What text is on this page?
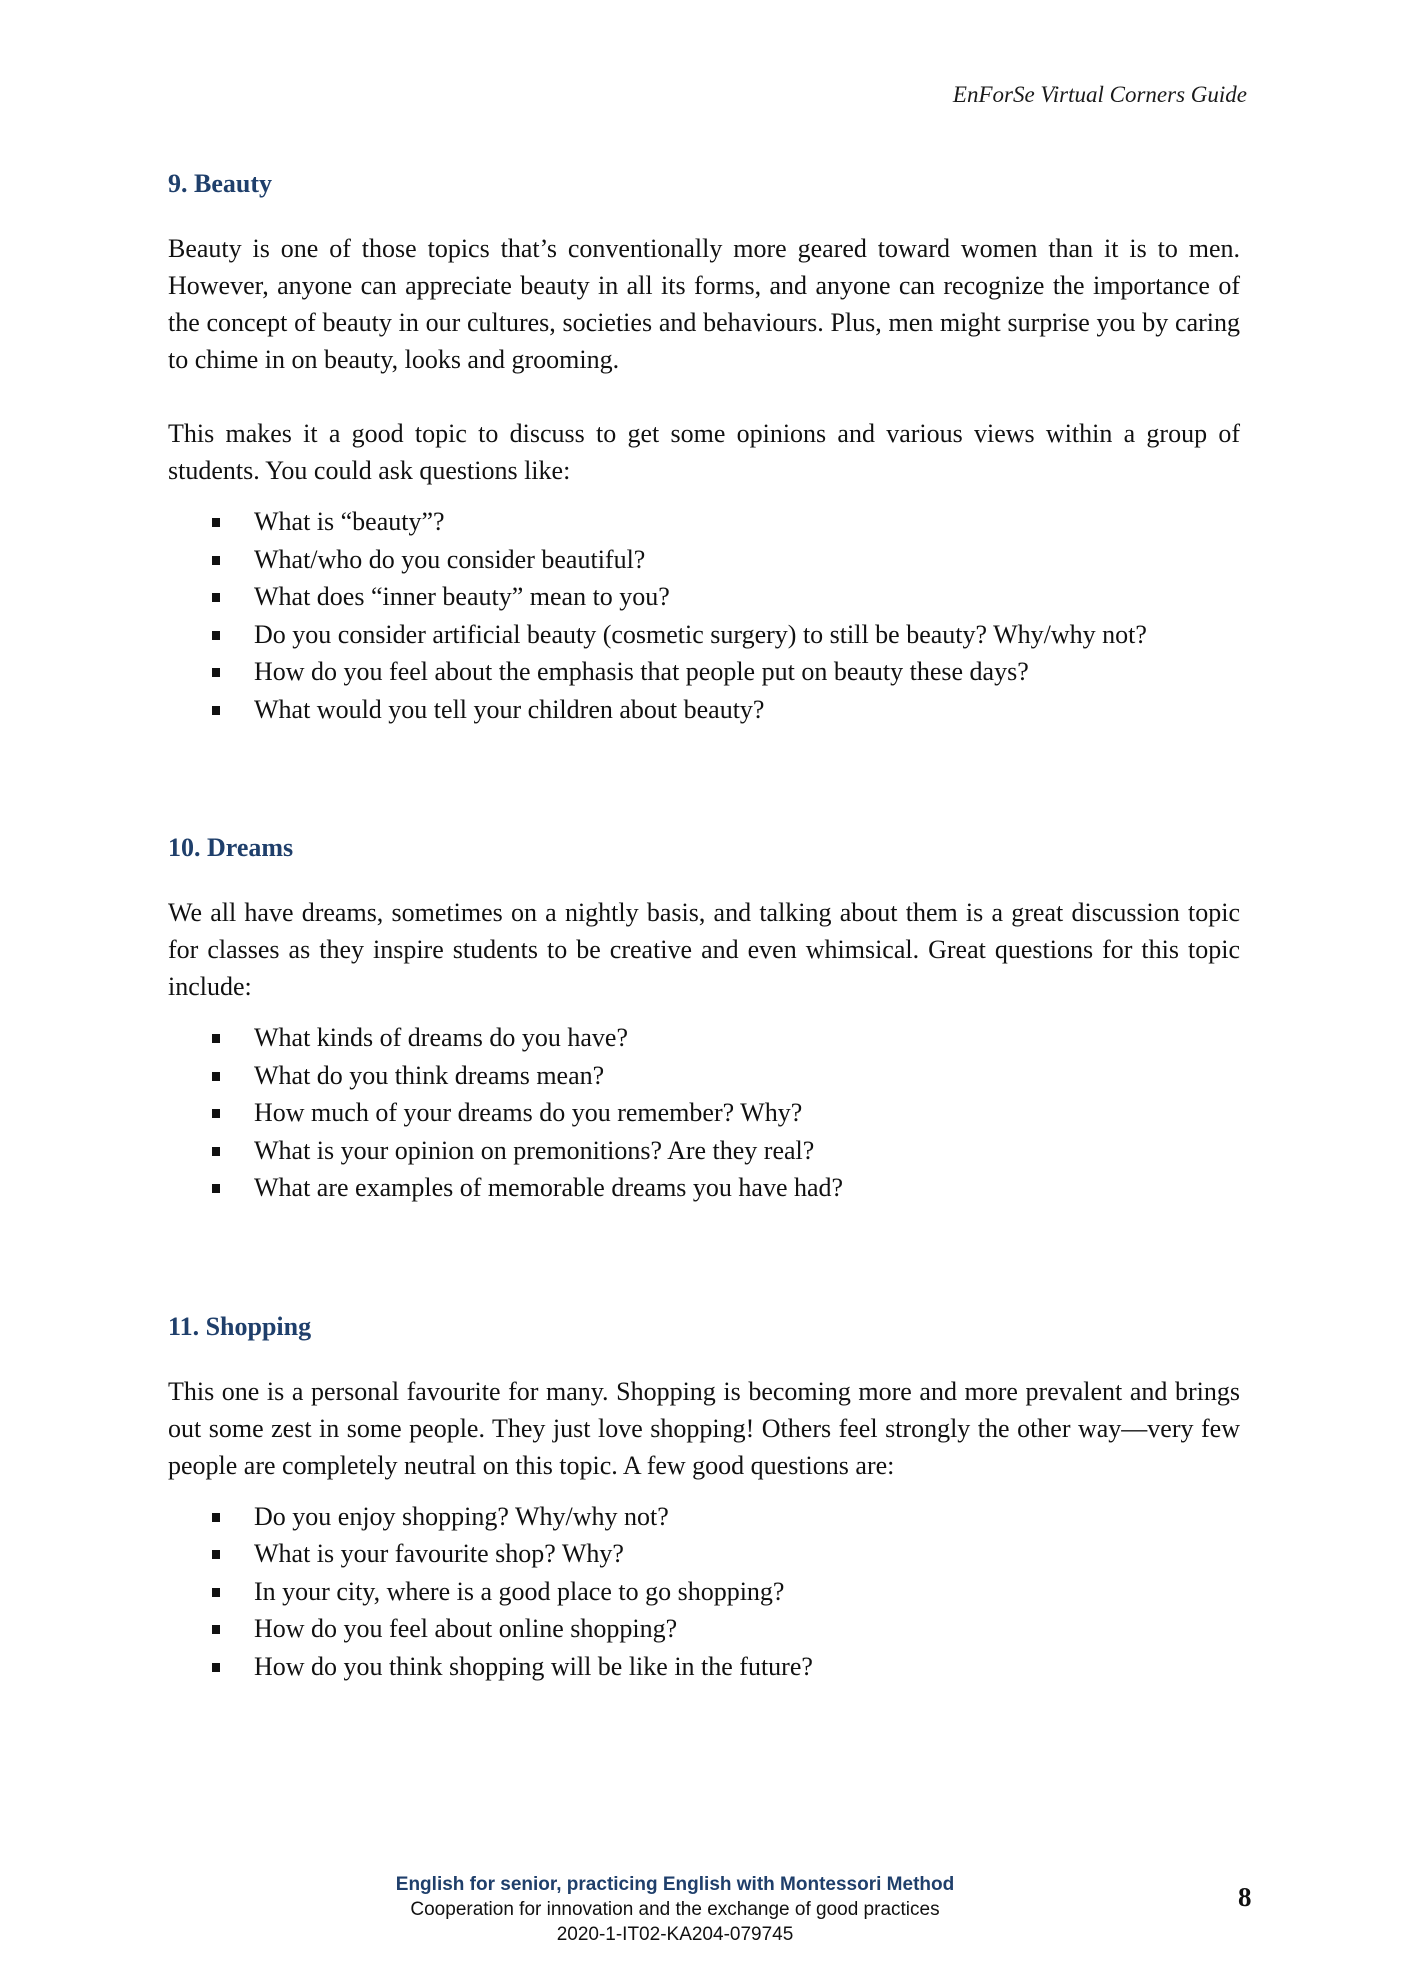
EnForSe Virtual Corners Guide
9. Beauty

Beauty is one of those topics that’s conventionally more geared toward women than it is to men. However, anyone can appreciate beauty in all its forms, and anyone can recognize the importance of the concept of beauty in our cultures, societies and behaviours. Plus, men might surprise you by caring to chime in on beauty, looks and grooming.

This makes it a good topic to discuss to get some opinions and various views within a group of students. You could ask questions like:

What is “beauty”?
What/who do you consider beautiful?
What does “inner beauty” mean to you?
Do you consider artificial beauty (cosmetic surgery) to still be beauty? Why/why not?
How do you feel about the emphasis that people put on beauty these days?
What would you tell your children about beauty?
10. Dreams

We all have dreams, sometimes on a nightly basis, and talking about them is a great discussion topic for classes as they inspire students to be creative and even whimsical. Great questions for this topic include:

What kinds of dreams do you have?
What do you think dreams mean?
How much of your dreams do you remember? Why?
What is your opinion on premonitions? Are they real?
What are examples of memorable dreams you have had?
11. Shopping

This one is a personal favourite for many. Shopping is becoming more and more prevalent and brings out some zest in some people. They just love shopping! Others feel strongly the other way—very few people are completely neutral on this topic. A few good questions are:

Do you enjoy shopping? Why/why not?
What is your favourite shop? Why?
In your city, where is a good place to go shopping?
How do you feel about online shopping?
How do you think shopping will be like in the future?
English for senior, practicing English with Montessori Method
Cooperation for innovation and the exchange of good practices
2020-1-IT02-KA204-079745
8
